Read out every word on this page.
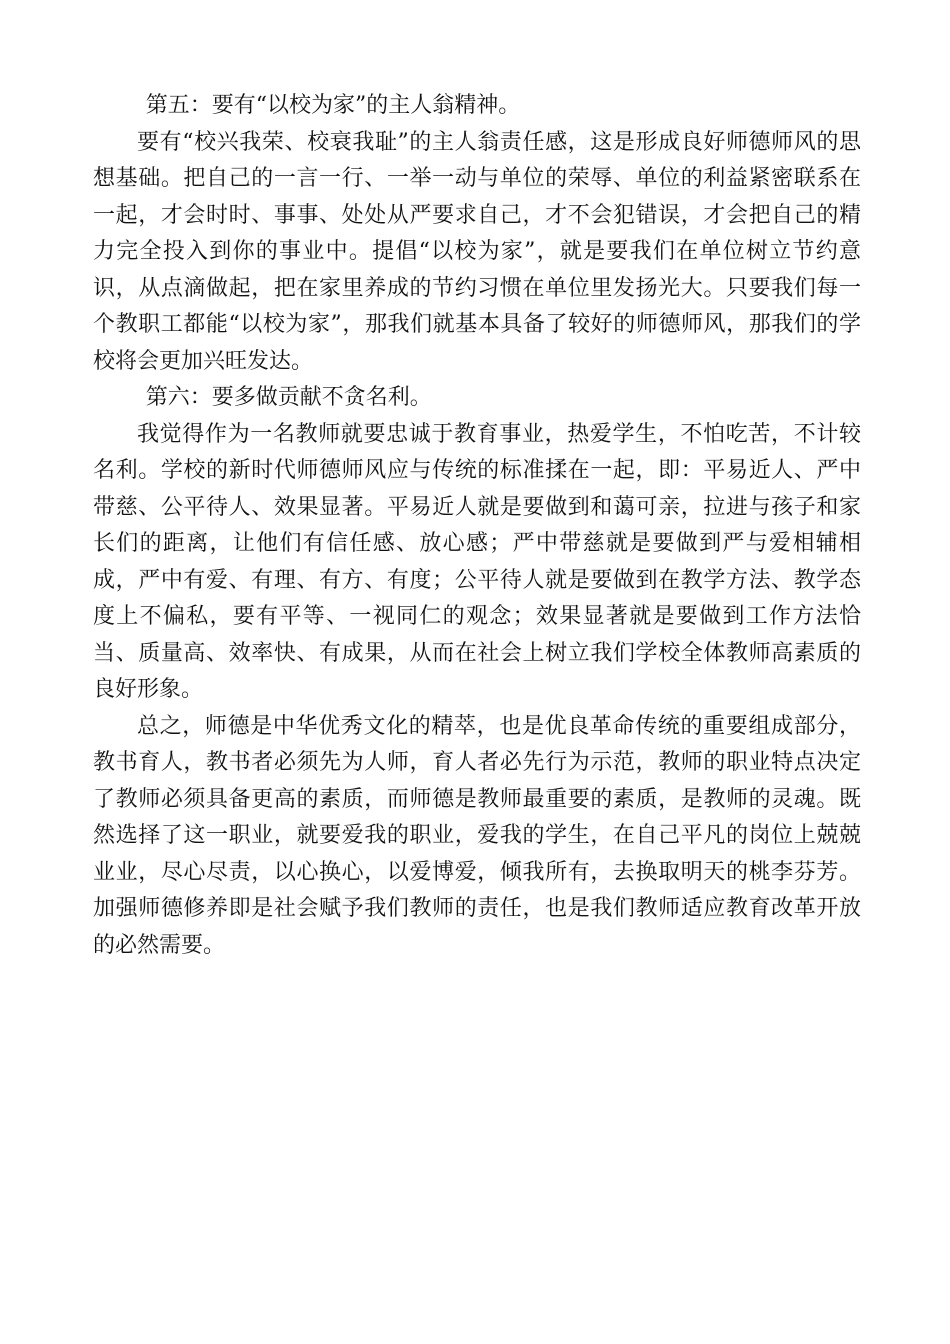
第五：要有“以校为家”的主人翁精神。

要有“校兴我荣、校衰我耻”的主人翁责任感，这是形成良好师德师风的思想基础。把自己的一言一行、一举一动与单位的荣辱、单位的利益紧密联系在一起，才会时时、事事、处处从严要求自己，才不会犯错误，才会把自己的精力完全投入到你的事业中。提倡“以校为家”，就是要我们在单位树立节约意识，从点滴做起，把在家里养成的节约习惯在单位里发扬光大。只要我们每一个教职工都能“以校为家”，那我们就基本具备了较好的师德师风，那我们的学校将会更加兴旺发达。

第六：要多做贡献不贪名利。

我觉得作为一名教师就要忠诚于教育事业，热爱学生，不怕吃苦，不计较名利。学校的新时代师德师风应与传统的标准揉在一起，即：平易近人、严中带慈、公平待人、效果显著。平易近人就是要做到和蔼可亲，拉进与孩子和家长们的距离，让他们有信任感、放心感；严中带慈就是要做到严与爱相辅相成，严中有爱、有理、有方、有度；公平待人就是要做到在教学方法、教学态度上不偏私，要有平等、一视同仁的观念；效果显著就是要做到工作方法恰当、质量高、效率快、有成果，从而在社会上树立我们学校全体教师高素质的良好形象。

总之，师德是中华优秀文化的精萃，也是优良革命传统的重要组成部分，教书育人，教书者必须先为人师，育人者必先行为示范，教师的职业特点决定了教师必须具备更高的素质，而师德是教师最重要的素质，是教师的灵魂。既然选择了这一职业，就要爱我的职业，爱我的学生，在自己平凡的岗位上兢兢业业，尽心尽责，以心换心，以爱博爱，倾我所有，去换取明天的桃李芬芳。加强师德修养即是社会赋予我们教师的责任，也是我们教师适应教育改革开放的必然需要。
